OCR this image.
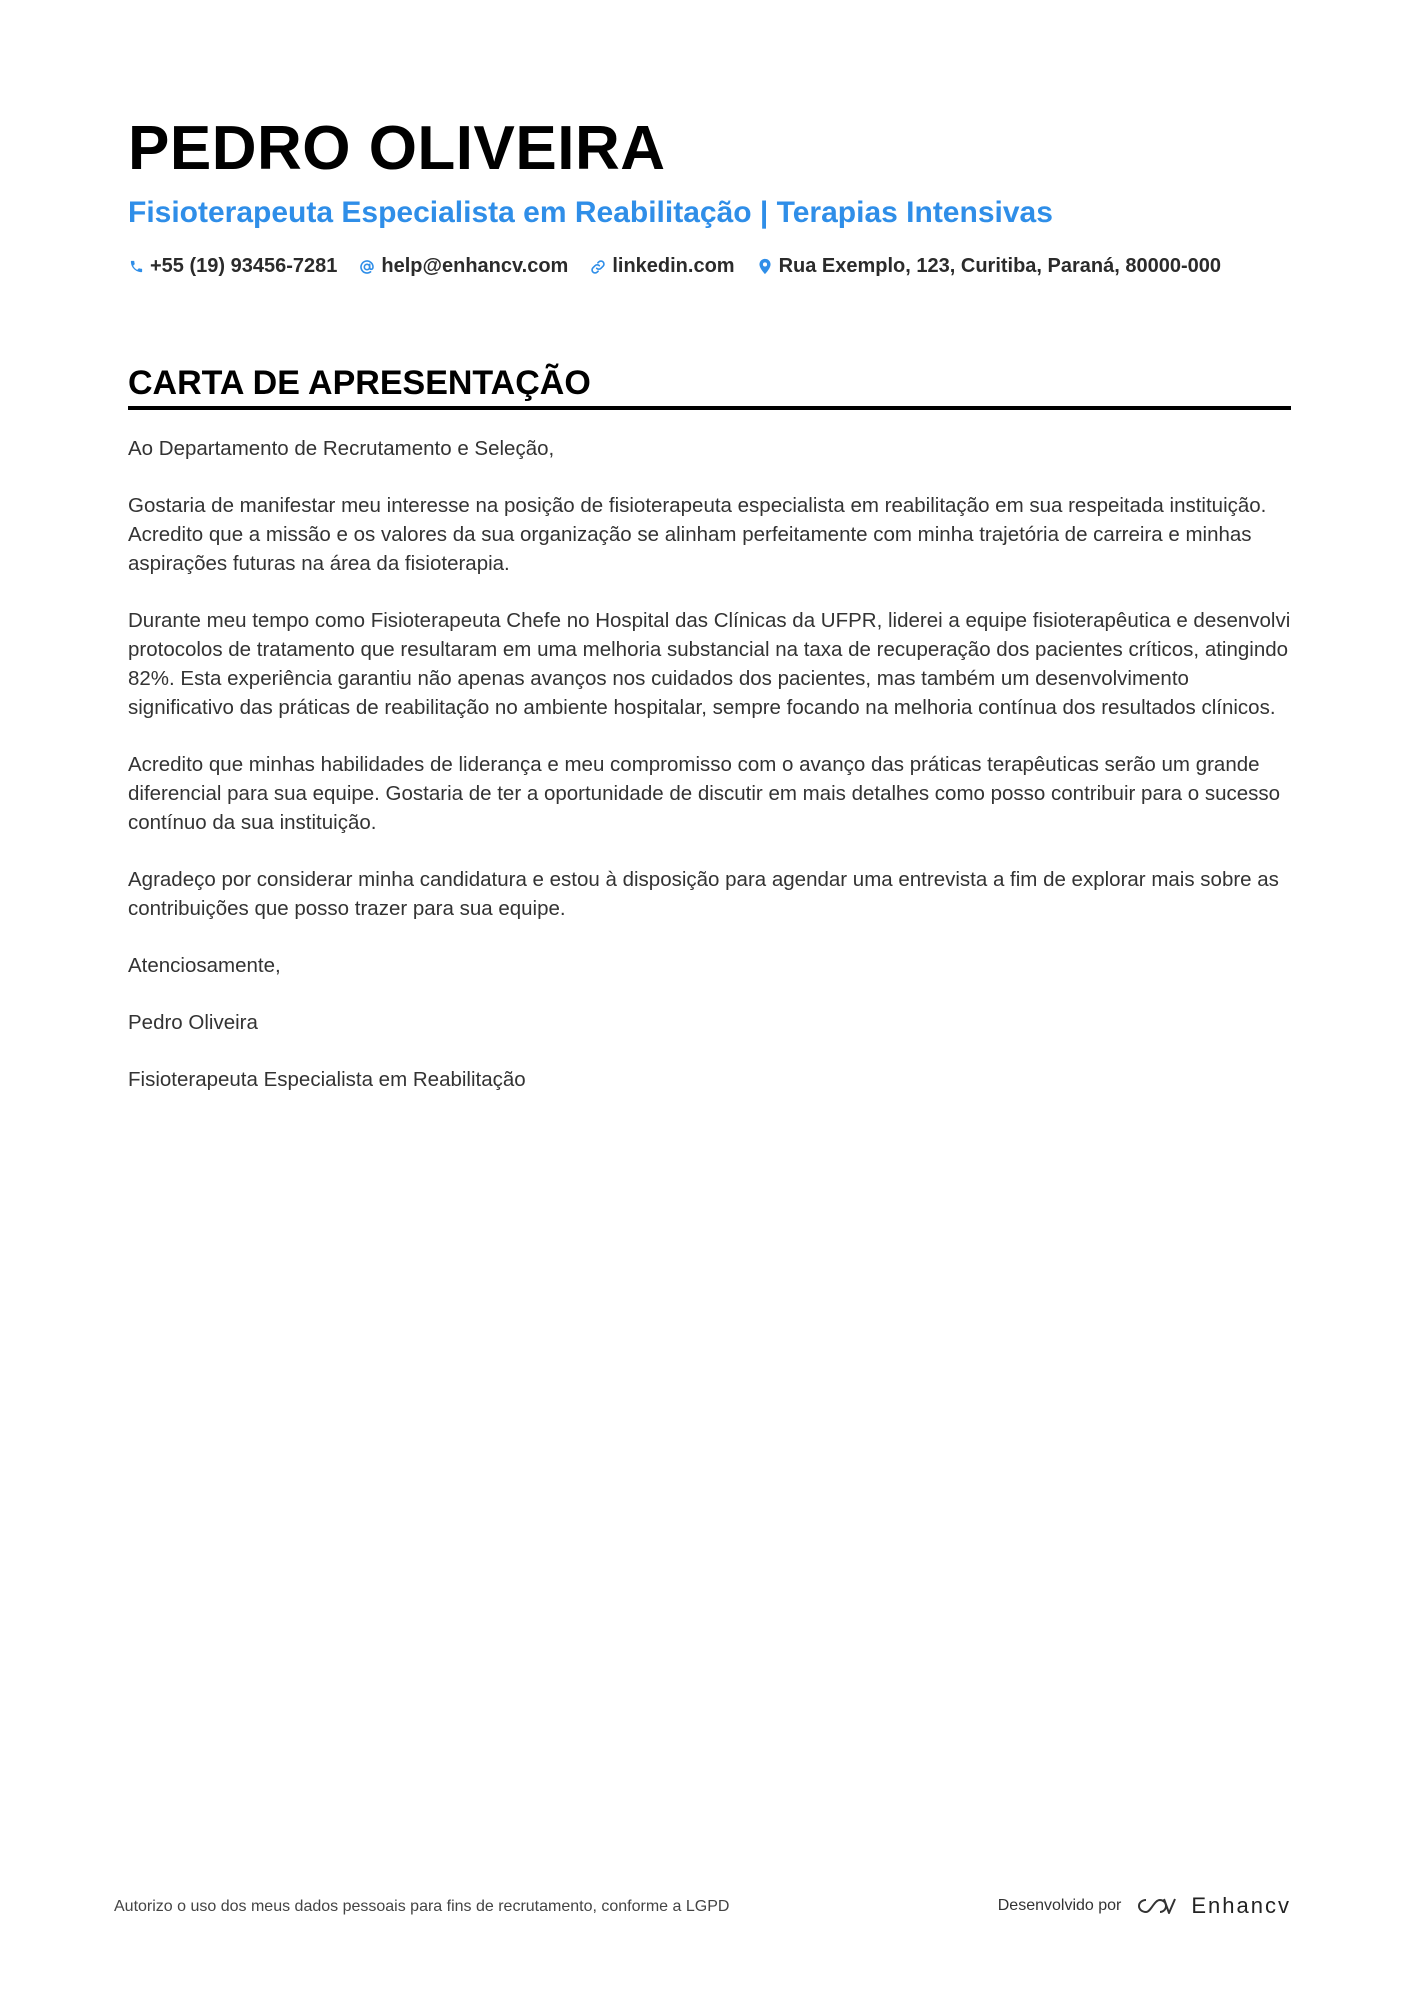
PEDRO OLIVEIRA
Fisioterapeuta Especialista em Reabilitação | Terapias Intensivas
+55 (19) 93456-7281 help@enhancv.com linkedin.com Rua Exemplo, 123, Curitiba, Paraná, 80000-000
CARTA DE APRESENTAÇÃO

Ao Departamento de Recrutamento e Seleção,

Gostaria de manifestar meu interesse na posição de fisioterapeuta especialista em reabilitação em sua respeitada instituição. Acredito que a missão e os valores da sua organização se alinham perfeitamente com minha trajetória de carreira e minhas aspirações futuras na área da fisioterapia.

Durante meu tempo como Fisioterapeuta Chefe no Hospital das Clínicas da UFPR, liderei a equipe fisioterapêutica e desenvolvi protocolos de tratamento que resultaram em uma melhoria substancial na taxa de recuperação dos pacientes críticos, atingindo 82%. Esta experiência garantiu não apenas avanços nos cuidados dos pacientes, mas também um desenvolvimento significativo das práticas de reabilitação no ambiente hospitalar, sempre focando na melhoria contínua dos resultados clínicos.

Acredito que minhas habilidades de liderança e meu compromisso com o avanço das práticas terapêuticas serão um grande diferencial para sua equipe. Gostaria de ter a oportunidade de discutir em mais detalhes como posso contribuir para o sucesso contínuo da sua instituição.

Agradeço por considerar minha candidatura e estou à disposição para agendar uma entrevista a fim de explorar mais sobre as contribuições que posso trazer para sua equipe.

Atenciosamente,

Pedro Oliveira

Fisioterapeuta Especialista em Reabilitação

Autorizo o uso dos meus dados pessoais para fins de recrutamento, conforme a LGPD	Desenvolvido por	Enhancv
